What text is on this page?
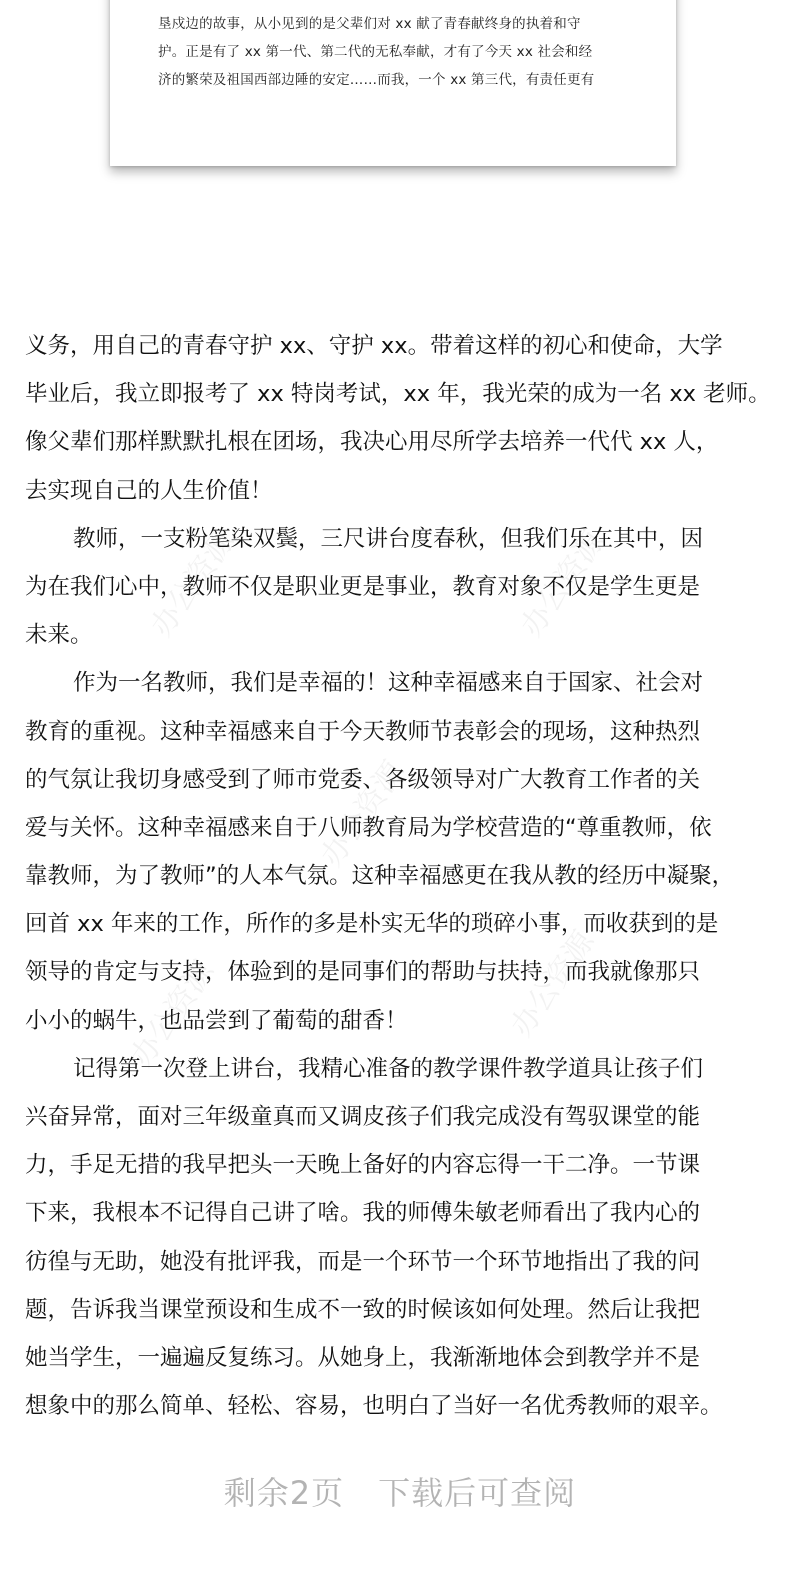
办公资源	办公资源
办公资源
办公资源	办公资源
垦戍边的故事，从小见到的是父辈们对 xx 献了青春献终身的执着和守
护。正是有了 xx 第一代、第二代的无私奉献，才有了今天 xx 社会和经
济的繁荣及祖国西部边陲的安定……而我，一个 xx 第三代，有责任更有
义务，用自己的青春守护 xx、守护 xx。带着这样的初心和使命，大学
毕业后，我立即报考了 xx 特岗考试，xx 年，我光荣的成为一名 xx 老师。
像父辈们那样默默扎根在团场，我决心用尽所学去培养一代代 xx 人，
去实现自己的人生价值！
教师，一支粉笔染双鬓，三尺讲台度春秋，但我们乐在其中，因
为在我们心中，教师不仅是职业更是事业，教育对象不仅是学生更是
未来。
作为一名教师，我们是幸福的！这种幸福感来自于国家、社会对
教育的重视。这种幸福感来自于今天教师节表彰会的现场，这种热烈
的气氛让我切身感受到了师市党委、各级领导对广大教育工作者的关
爱与关怀。这种幸福感来自于八师教育局为学校营造的“尊重教师，依
靠教师，为了教师”的人本气氛。这种幸福感更在我从教的经历中凝聚，
回首 xx 年来的工作，所作的多是朴实无华的琐碎小事，而收获到的是
领导的肯定与支持，体验到的是同事们的帮助与扶持，而我就像那只
小小的蜗牛，也品尝到了葡萄的甜香！
记得第一次登上讲台，我精心准备的教学课件教学道具让孩子们
兴奋异常，面对三年级童真而又调皮孩子们我完成没有驾驭课堂的能
力，手足无措的我早把头一天晚上备好的内容忘得一干二净。一节课
下来，我根本不记得自己讲了啥。我的师傅朱敏老师看出了我内心的
彷徨与无助，她没有批评我，而是一个环节一个环节地指出了我的问
题，告诉我当课堂预设和生成不一致的时候该如何处理。然后让我把
她当学生，一遍遍反复练习。从她身上，我渐渐地体会到教学并不是
想象中的那么简单、轻松、容易，也明白了当好一名优秀教师的艰辛。
剩余2页 下载后可查阅
